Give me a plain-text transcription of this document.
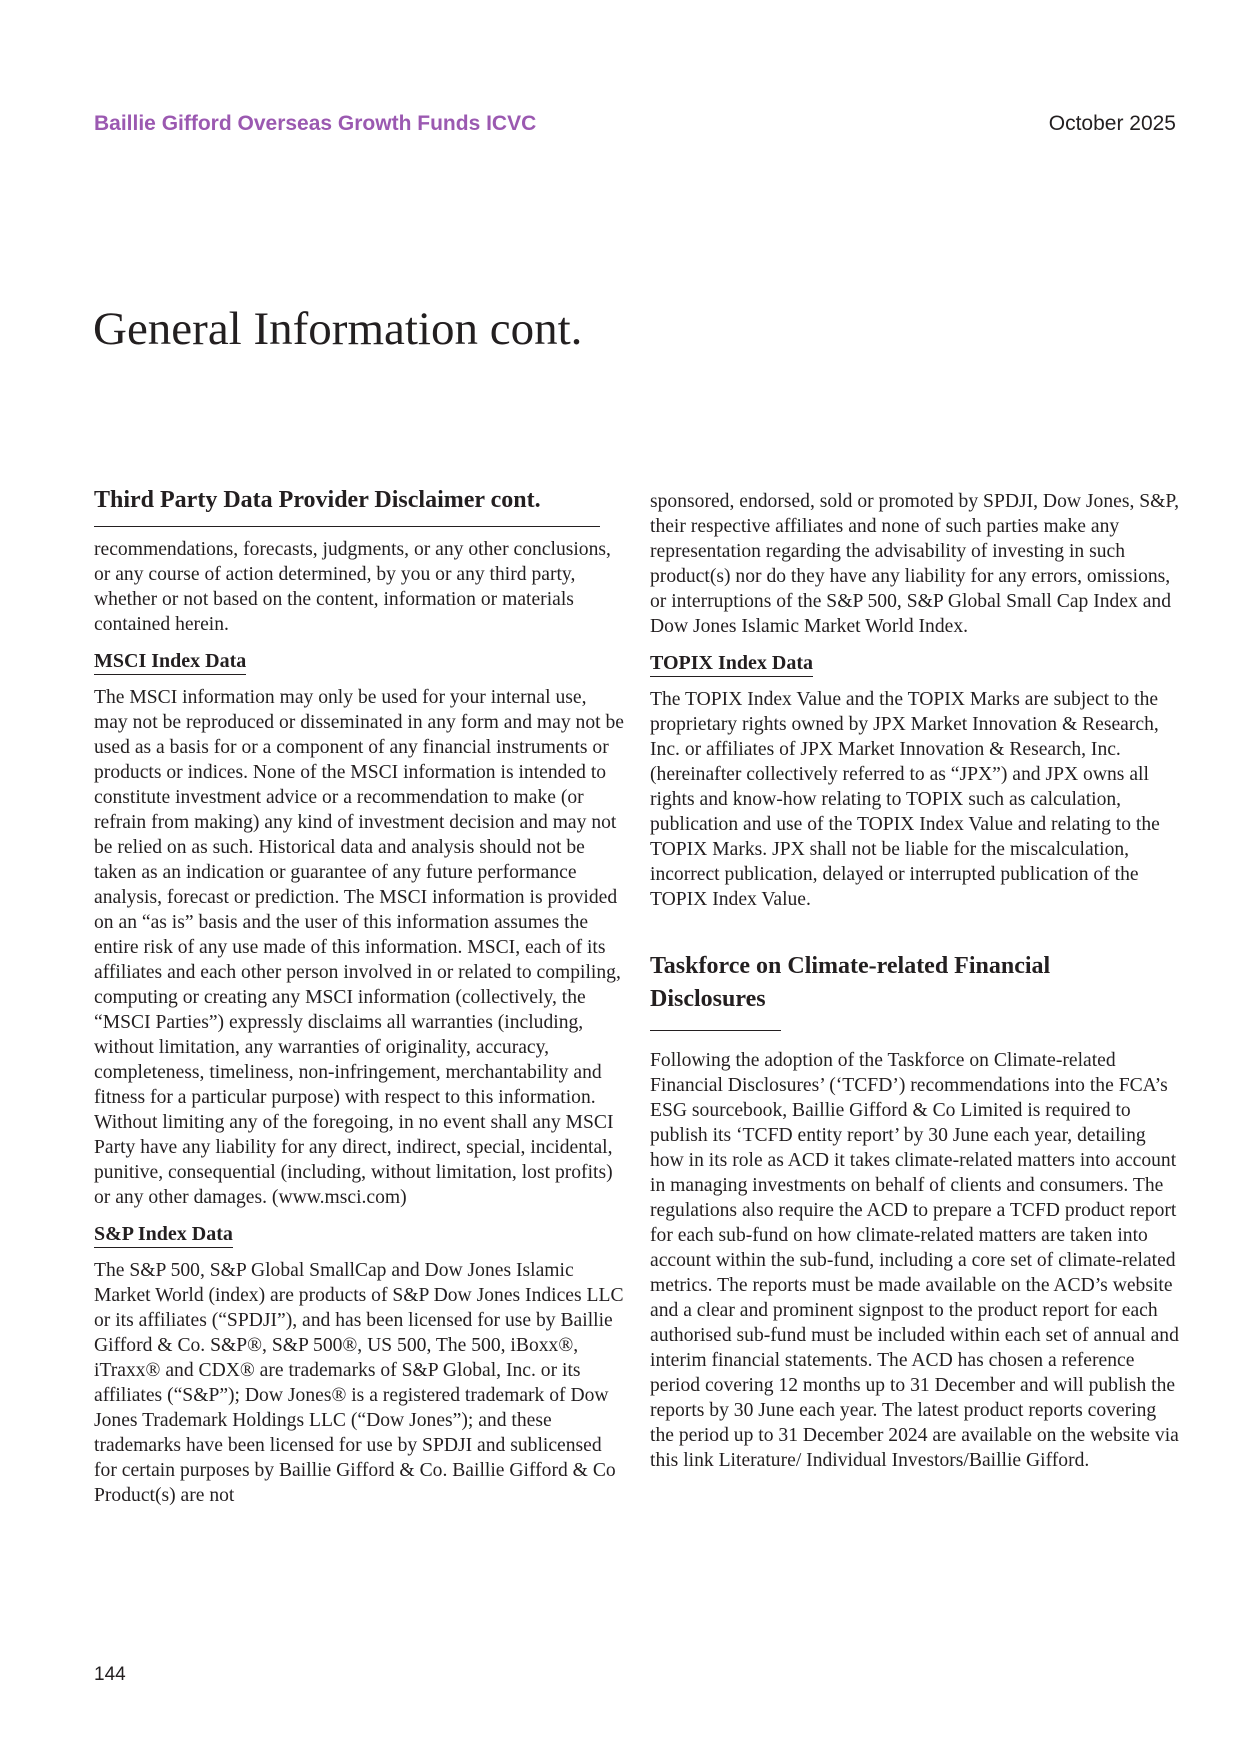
Baillie Gifford Overseas Growth Funds ICVC	October 2025
General Information cont.
Third Party Data Provider Disclaimer cont.

recommendations, forecasts, judgments, or any other conclusions, or any course of action determined, by you or any third party, whether or not based on the content, information or materials contained herein.

MSCI Index Data

The MSCI information may only be used for your internal use, may not be reproduced or disseminated in any form and may not be used as a basis for or a component of any financial instruments or products or indices. None of the MSCI information is intended to constitute investment advice or a recommendation to make (or refrain from making) any kind of investment decision and may not be relied on as such. Historical data and analysis should not be taken as an indication or guarantee of any future performance analysis, forecast or prediction. The MSCI information is provided on an “as is” basis and the user of this information assumes the entire risk of any use made of this information. MSCI, each of its affiliates and each other person involved in or related to compiling, computing or creating any MSCI information (collectively, the “MSCI Parties”) expressly disclaims all warranties (including, without limitation, any warranties of originality, accuracy, completeness, timeliness, non-infringement, merchantability and fitness for a particular purpose) with respect to this information. Without limiting any of the foregoing, in no event shall any MSCI Party have any liability for any direct, indirect, special, incidental, punitive, consequential (including, without limitation, lost profits) or any other damages. (www.msci.com)

S&P Index Data

The S&P 500, S&P Global SmallCap and Dow Jones Islamic Market World (index) are products of S&P Dow Jones Indices LLC or its affiliates (“SPDJI”), and has been licensed for use by Baillie Gifford & Co. S&P®, S&P 500®, US 500, The 500, iBoxx®, iTraxx® and CDX® are trademarks of S&P Global, Inc. or its affiliates (“S&P”); Dow Jones® is a registered trademark of Dow Jones Trademark Holdings LLC (“Dow Jones”); and these trademarks have been licensed for use by SPDJI and sublicensed for certain purposes by Baillie Gifford & Co. Baillie Gifford & Co Product(s) are not

sponsored, endorsed, sold or promoted by SPDJI, Dow Jones, S&P, their respective affiliates and none of such parties make any representation regarding the advisability of investing in such product(s) nor do they have any liability for any errors, omissions, or interruptions of the S&P 500, S&P Global Small Cap Index and Dow Jones Islamic Market World Index.

TOPIX Index Data

The TOPIX Index Value and the TOPIX Marks are subject to the proprietary rights owned by JPX Market Innovation & Research, Inc. or affiliates of JPX Market Innovation & Research, Inc. (hereinafter collectively referred to as “JPX”) and JPX owns all rights and know-how relating to TOPIX such as calculation, publication and use of the TOPIX Index Value and relating to the TOPIX Marks. JPX shall not be liable for the miscalculation, incorrect publication, delayed or interrupted publication of the TOPIX Index Value.

Taskforce on Climate-related Financial
Disclosures

Following the adoption of the Taskforce on Climate-related Financial Disclosures’ (‘TCFD’) recommendations into the FCA’s ESG sourcebook, Baillie Gifford & Co Limited is required to publish its ‘TCFD entity report’ by 30 June each year, detailing how in its role as ACD it takes climate-related matters into account in managing investments on behalf of clients and consumers. The regulations also require the ACD to prepare a TCFD product report for each sub-fund on how climate-related matters are taken into account within the sub-fund, including a core set of climate-related metrics. The reports must be made available on the ACD’s website and a clear and prominent signpost to the product report for each authorised sub-fund must be included within each set of annual and interim financial statements. The ACD has chosen a reference period covering 12 months up to 31 December and will publish the reports by 30 June each year. The latest product reports covering the period up to 31 December 2024 are available on the website via this link Literature/ Individual Investors/Baillie Gifford.

144
